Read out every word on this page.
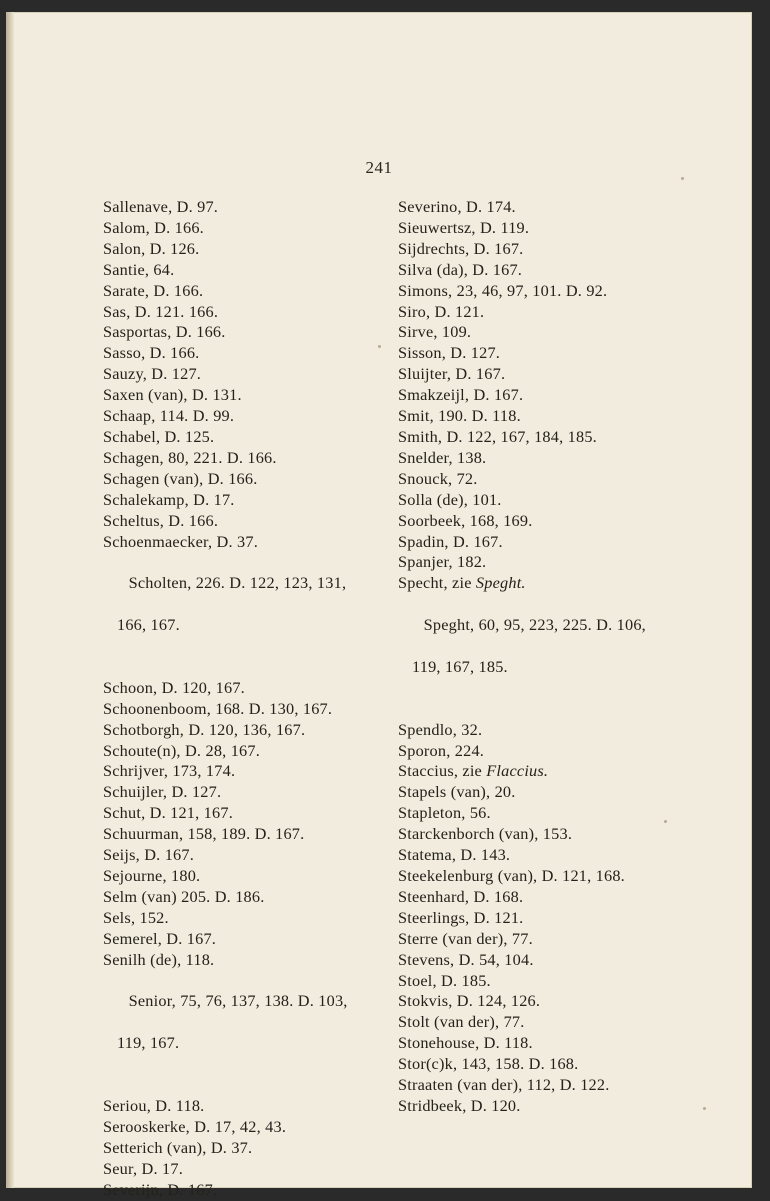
241
Sallenave, D. 97.
Salom, D. 166.
Salon, D. 126.
Santie, 64.
Sarate, D. 166.
Sas, D. 121. 166.
Sasportas, D. 166.
Sasso, D. 166.
Sauzy, D. 127.
Saxen (van), D. 131.
Schaap, 114. D. 99.
Schabel, D. 125.
Schagen, 80, 221. D. 166.
Schagen (van), D. 166.
Schalekamp, D. 17.
Scheltus, D. 166.
Schoenmaecker, D. 37.

Scholten, 226. D. 122, 123, 131,

166, 167.

Schoon, D. 120, 167.
Schoonenboom, 168. D. 130, 167.
Schotborgh, D. 120, 136, 167.
Schoute(n), D. 28, 167.
Schrijver, 173, 174.
Schuijler, D. 127.
Schut, D. 121, 167.
Schuurman, 158, 189. D. 167.
Seijs, D. 167.
Sejourne, 180.
Selm (van) 205. D. 186.
Sels, 152.
Semerel, D. 167.
Senilh (de), 118.

Senior, 75, 76, 137, 138. D. 103,

119, 167.

Seriou, D. 118.
Serooskerke, D. 17, 42, 43.
Setterich (van), D. 37.
Seur, D. 17.
Severijn, D. 167.
Severino, D. 174.
Sieuwertsz, D. 119.
Sijdrechts, D. 167.
Silva (da), D. 167.
Simons, 23, 46, 97, 101. D. 92.
Siro, D. 121.
Sirve, 109.
Sisson, D. 127.
Sluijter, D. 167.
Smakzeijl, D. 167.
Smit, 190. D. 118.
Smith, D. 122, 167, 184, 185.
Snelder, 138.
Snouck, 72.
Solla (de), 101.
Soorbeek, 168, 169.
Spadin, D. 167.
Spanjer, 182.
Specht, zie Speght.

Speght, 60, 95, 223, 225. D. 106,

119, 167, 185.

Spendlo, 32.
Sporon, 224.
Staccius, zie Flaccius.
Stapels (van), 20.
Stapleton, 56.
Starckenborch (van), 153.
Statema, D. 143.
Steekelenburg (van), D. 121, 168.
Steenhard, D. 168.
Steerlings, D. 121.
Sterre (van der), 77.
Stevens, D. 54, 104.
Stoel, D. 185.
Stokvis, D. 124, 126.
Stolt (van der), 77.
Stonehouse, D. 118.
Stor(c)k, 143, 158. D. 168.
Straaten (van der), 112, D. 122.
Stridbeek, D. 120.
